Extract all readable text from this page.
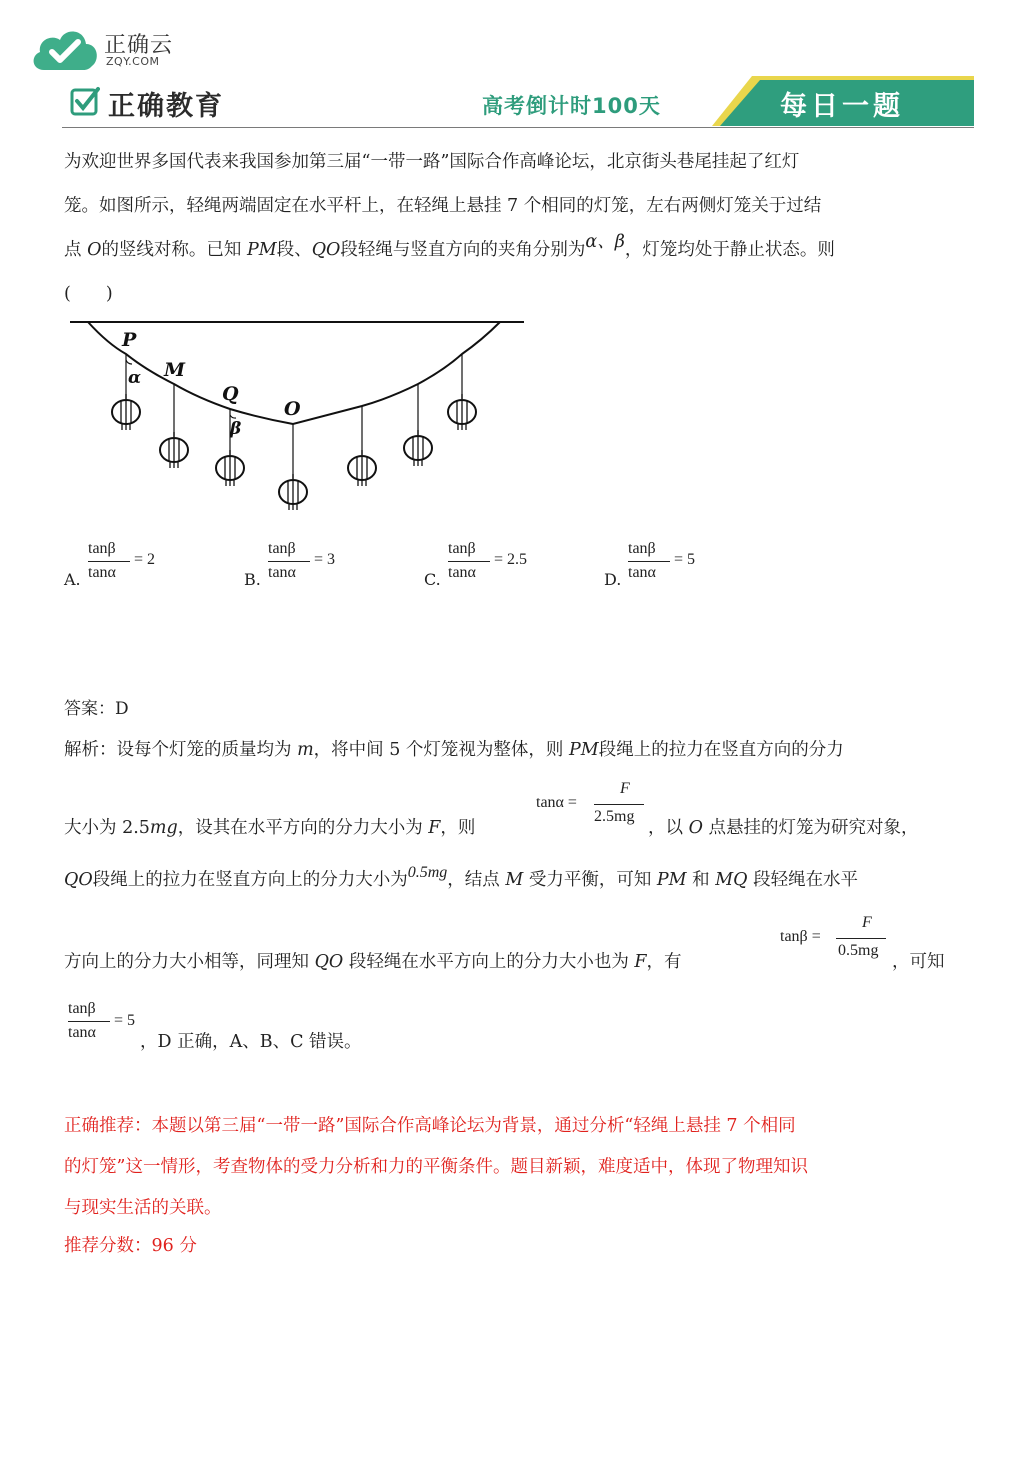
正确云
ZQY.COM
正确教育	高考倒计时100天	每日一题
为欢迎世界多国代表来我国参加第三届“一带一路”国际合作高峰论坛，北京街头巷尾挂起了红灯
笼。如图所示，轻绳两端固定在水平杆上，在轻绳上悬挂 7 个相同的灯笼，左右两侧灯笼关于过结
点 O的竖线对称。已知 PM段、QO段轻绳与竖直方向的夹角分别为α、β，灯笼均处于静止状态。则
(　　)
P
α M
Q
β
O
A.
tanβ
tanα
= 2
B.
tanβ
tanα
= 3
C.
tanβ
tanα
= 2.5
D.
tanβ
tanα
= 5
答案：D
解析：设每个灯笼的质量均为 m，将中间 5 个灯笼视为整体，则 PM段绳上的拉力在竖直方向的分力
大小为 2.5mg，设其在水平方向的分力大小为 F，则
tanα =
F
2.5mg
，以 O 点悬挂的灯笼为研究对象，
QO段绳上的拉力在竖直方向上的分力大小为0.5mg，结点 M 受力平衡，可知 PM 和 MQ 段轻绳在水平
方向上的分力大小相等，同理知 QO 段轻绳在水平方向上的分力大小也为 F，有
tanβ =
F
0.5mg
，可知
tanβ
tanα
= 5
，D 正确，A、B、C 错误。
正确推荐：本题以第三届“一带一路”国际合作高峰论坛为背景，通过分析“轻绳上悬挂 7 个相同
的灯笼”这一情形，考查物体的受力分析和力的平衡条件。题目新颖，难度适中，体现了物理知识
与现实生活的关联。
推荐分数：96 分
